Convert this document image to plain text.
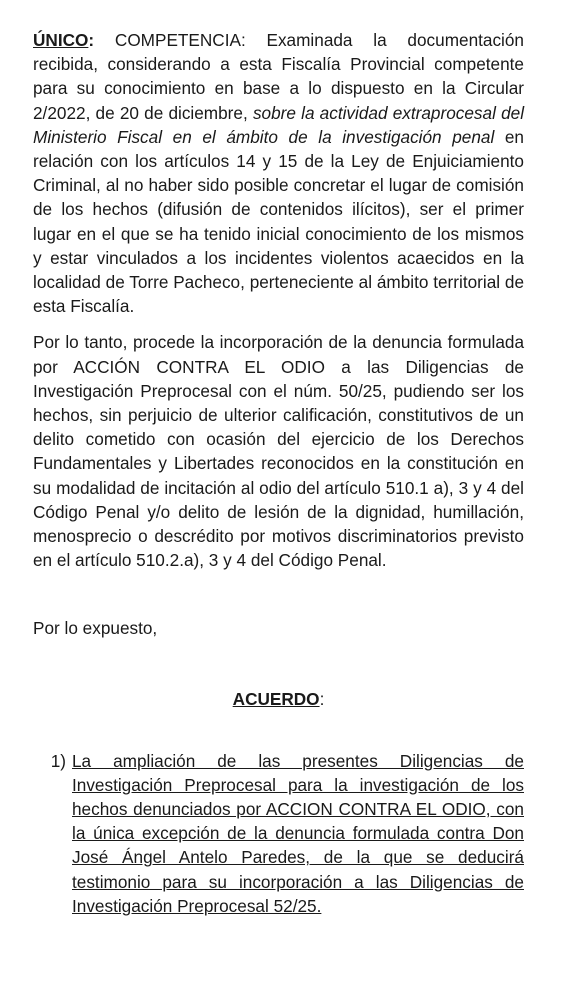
ÚNICO: COMPETENCIA: Examinada la documentación recibida, considerando a esta Fiscalía Provincial competente para su conocimiento en base a lo dispuesto en la Circular 2/2022, de 20 de diciembre, sobre la actividad extraprocesal del Ministerio Fiscal en el ámbito de la investigación penal en relación con los artículos 14 y 15 de la Ley de Enjuiciamiento Criminal, al no haber sido posible concretar el lugar de comisión de los hechos (difusión de contenidos ilícitos), ser el primer lugar en el que se ha tenido inicial conocimiento de los mismos y estar vinculados a los incidentes violentos acaecidos en la localidad de Torre Pacheco, perteneciente al ámbito territorial de esta Fiscalía.

Por lo tanto, procede la incorporación de la denuncia formulada por ACCIÓN CONTRA EL ODIO a las Diligencias de Investigación Preprocesal con el núm. 50/25, pudiendo ser los hechos, sin perjuicio de ulterior calificación, constitutivos de un delito cometido con ocasión del ejercicio de los Derechos Fundamentales y Libertades reconocidos en la constitución en su modalidad de incitación al odio del artículo 510.1 a), 3 y 4 del Código Penal y/o delito de lesión de la dignidad, humillación, menosprecio o descrédito por motivos discriminatorios previsto en el artículo 510.2.a), 3 y 4 del Código Penal.

Por lo expuesto,

ACUERDO:

1) La ampliación de las presentes Diligencias de Investigación Preprocesal para la investigación de los hechos denunciados por ACCION CONTRA EL ODIO, con la única excepción de la denuncia formulada contra Don José Ángel Antelo Paredes, de la que se deducirá testimonio para su incorporación a las Diligencias de Investigación Preprocesal 52/25.
